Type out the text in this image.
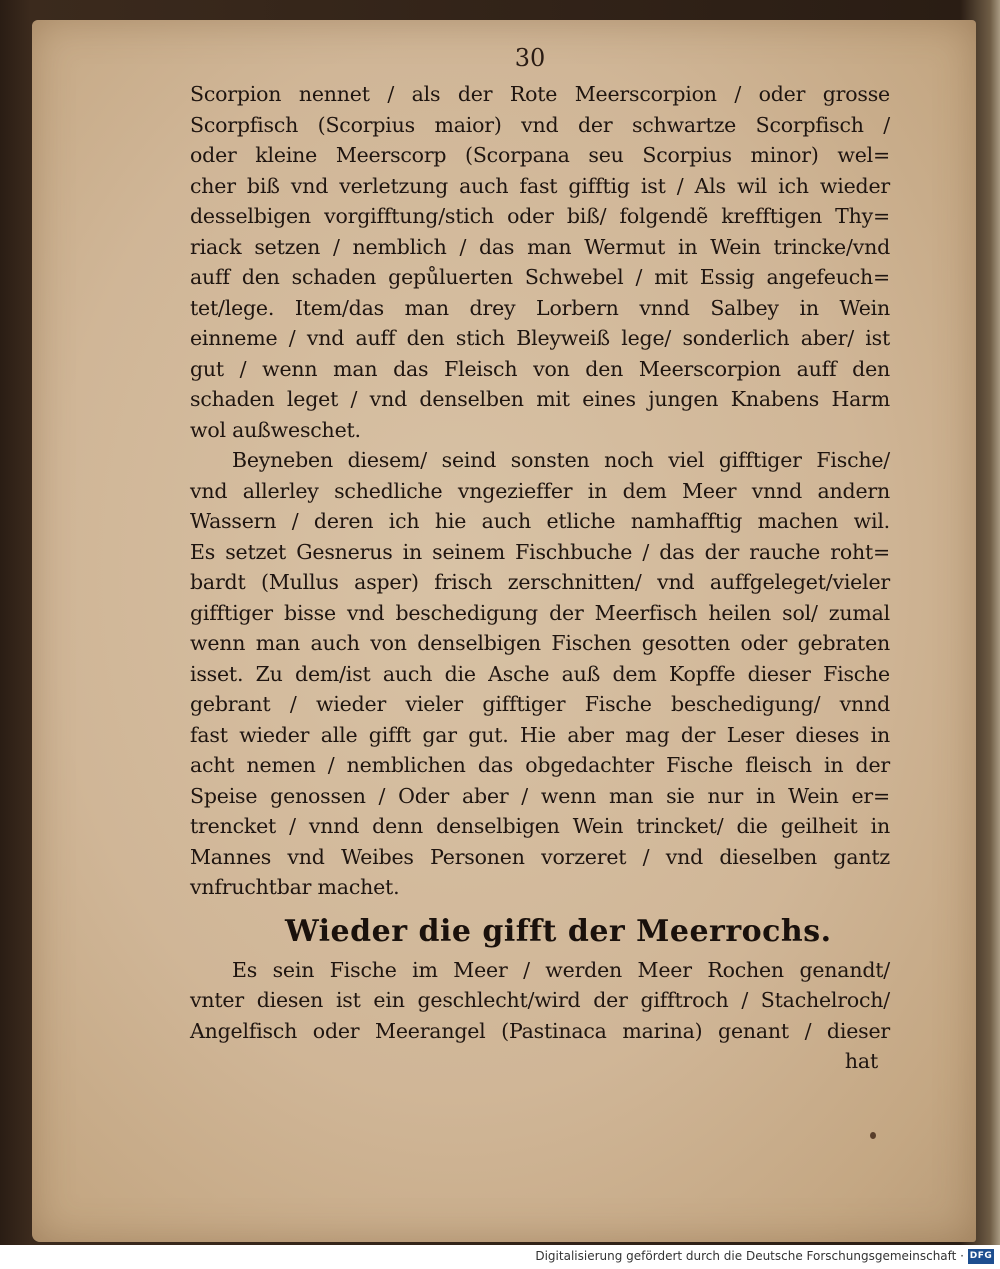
30
Scorpion nennet / als der Rote Meerscorpion / oder grosse
Scorpfisch (Scorpius maior) vnd der schwartze Scorpfisch /
oder kleine Meerscorp (Scorpana seu Scorpius minor) wel=
cher biß vnd verletzung auch fast gifftig ist / Als wil ich wieder
desselbigen vorgifftung/stich oder biß/ folgendẽ krefftigen Thy=
riack setzen / nemblich / das man Wermut in Wein trincke/vnd
auff den schaden gepůluerten Schwebel / mit Essig angefeuch=
tet/lege. Item/das man drey Lorbern vnnd Salbey in Wein
einneme / vnd auff den stich Bleyweiß lege/ sonderlich aber/ ist
gut / wenn man das Fleisch von den Meerscorpion auff den
schaden leget / vnd denselben mit eines jungen Knabens Harm
wol außweschet.
Beyneben diesem/ seind sonsten noch viel gifftiger Fische/
vnd allerley schedliche vngezieffer in dem Meer vnnd andern
Wassern / deren ich hie auch etliche namhafftig machen wil.
Es setzet Gesnerus in seinem Fischbuche / das der rauche roht=
bardt (Mullus asper) frisch zerschnitten/ vnd auffgeleget/vieler
gifftiger bisse vnd beschedigung der Meerfisch heilen sol/ zumal
wenn man auch von denselbigen Fischen gesotten oder gebraten
isset. Zu dem/ist auch die Asche auß dem Kopffe dieser Fische
gebrant / wieder vieler gifftiger Fische beschedigung/ vnnd
fast wieder alle gifft gar gut. Hie aber mag der Leser dieses in
acht nemen / nemblichen das obgedachter Fische fleisch in der
Speise genossen / Oder aber / wenn man sie nur in Wein er=
trencket / vnnd denn denselbigen Wein trincket/ die geilheit in
Mannes vnd Weibes Personen vorzeret / vnd dieselben gantz
vnfruchtbar machet.
Wieder die gifft der Meerrochs.
Es sein Fische im Meer / werden Meer Rochen genandt/
vnter diesen ist ein geschlecht/wird der gifftroch / Stachelroch/
Angelfisch oder Meerangel (Pastinaca marina) genant / dieser
hat
Digitalisierung gefördert durch die Deutsche Forschungsgemeinschaft · DFG
